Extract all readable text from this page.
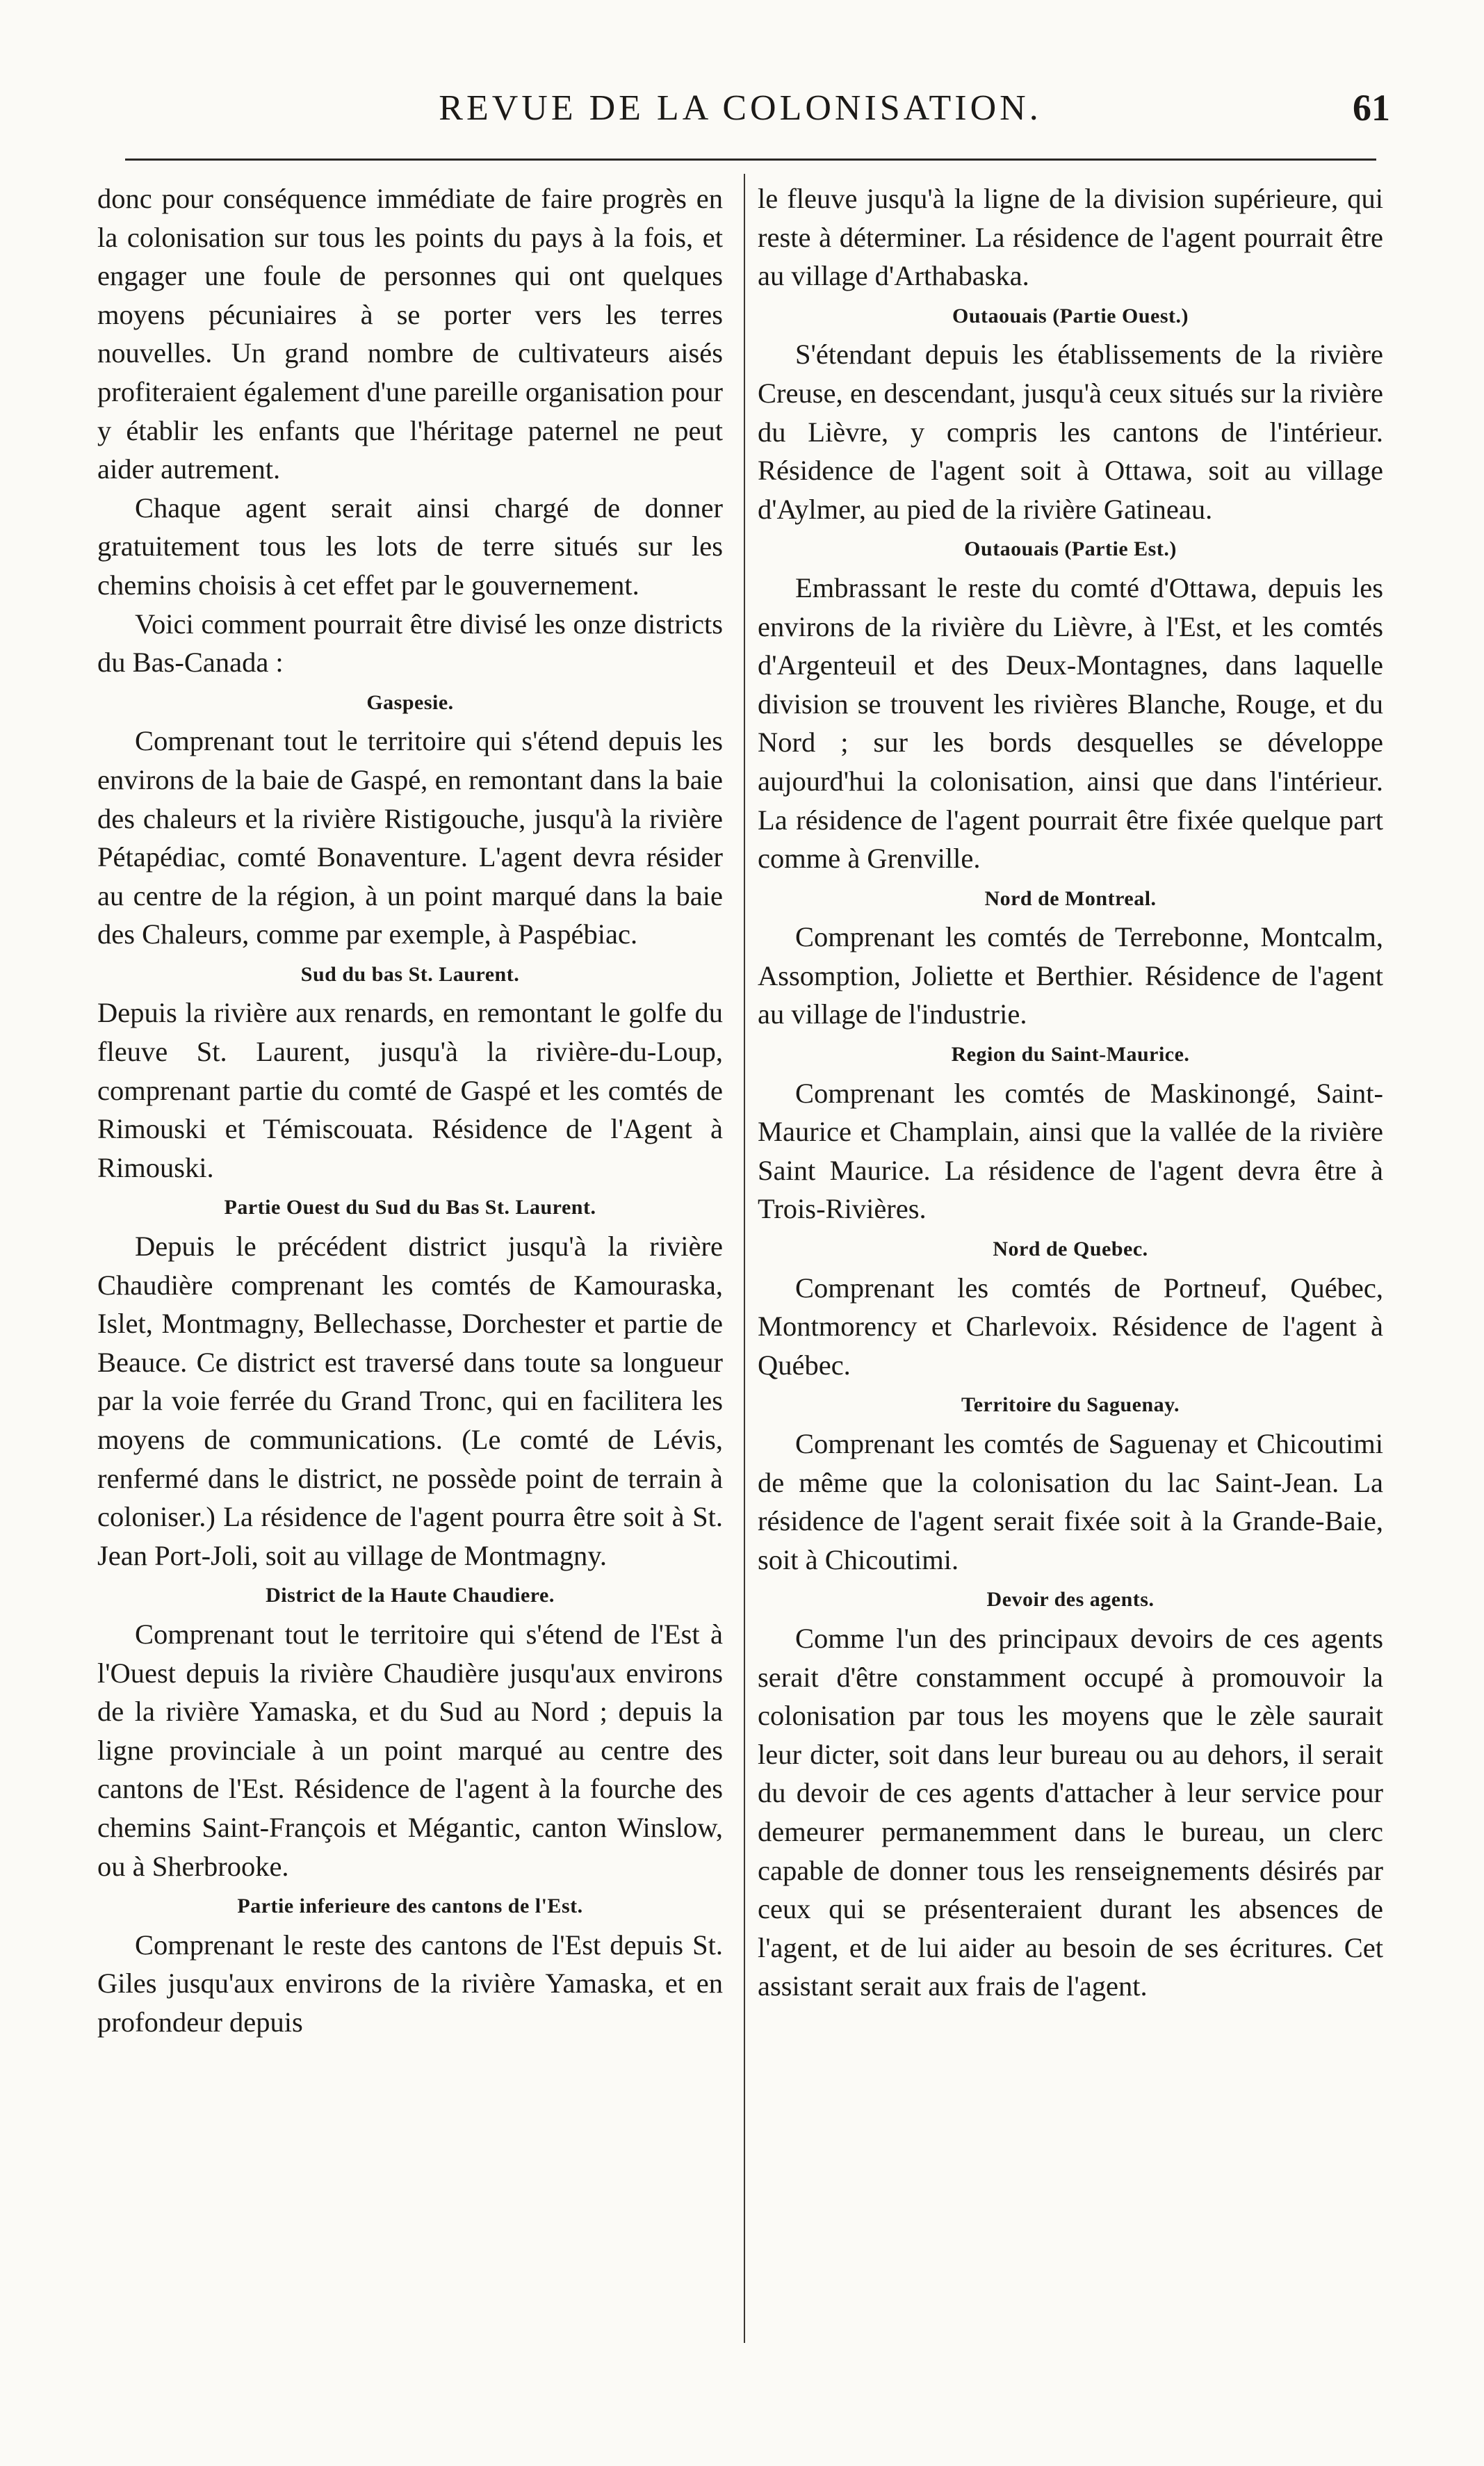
REVUE DE LA COLONISATION.	61

donc pour conséquence immédiate de faire progrès en la colonisation sur tous les points du pays à la fois, et engager une foule de personnes qui ont quelques moyens pécuniaires à se porter vers les terres nouvelles. Un grand nombre de cultivateurs aisés profiteraient également d'une pareille organisation pour y établir les enfants que l'héritage paternel ne peut aider autrement.

Chaque agent serait ainsi chargé de donner gratuitement tous les lots de terre situés sur les chemins choisis à cet effet par le gouvernement.

Voici comment pourrait être divisé les onze districts du Bas-Canada :

Gaspesie.

Comprenant tout le territoire qui s'étend depuis les environs de la baie de Gaspé, en remontant dans la baie des chaleurs et la rivière Ristigouche, jusqu'à la rivière Pétapédiac, comté Bonaventure. L'agent devra résider au centre de la région, à un point marqué dans la baie des Chaleurs, comme par exemple, à Paspébiac.

Sud du bas St. Laurent.

Depuis la rivière aux renards, en remontant le golfe du fleuve St. Laurent, jusqu'à la rivière-du-Loup, comprenant partie du comté de Gaspé et les comtés de Rimouski et Témiscouata. Résidence de l'Agent à Rimouski.

Partie Ouest du Sud du Bas St. Laurent.

Depuis le précédent district jusqu'à la rivière Chaudière comprenant les comtés de Kamouraska, Islet, Montmagny, Bellechasse, Dorchester et partie de Beauce. Ce district est traversé dans toute sa longueur par la voie ferrée du Grand Tronc, qui en facilitera les moyens de communications. (Le comté de Lévis, renfermé dans le district, ne possède point de terrain à coloniser.) La résidence de l'agent pourra être soit à St. Jean Port-Joli, soit au village de Montmagny.

District de la Haute Chaudiere.

Comprenant tout le territoire qui s'étend de l'Est à l'Ouest depuis la rivière Chaudière jusqu'aux environs de la rivière Yamaska, et du Sud au Nord ; depuis la ligne provinciale à un point marqué au centre des cantons de l'Est. Résidence de l'agent à la fourche des chemins Saint-François et Mégantic, canton Winslow, ou à Sherbrooke.

Partie inferieure des cantons de l'Est.

Comprenant le reste des cantons de l'Est depuis St. Giles jusqu'aux environs de la rivière Yamaska, et en profondeur depuis

le fleuve jusqu'à la ligne de la division supérieure, qui reste à déterminer. La résidence de l'agent pourrait être au village d'Arthabaska.

Outaouais (Partie Ouest.)

S'étendant depuis les établissements de la rivière Creuse, en descendant, jusqu'à ceux situés sur la rivière du Lièvre, y compris les cantons de l'intérieur. Résidence de l'agent soit à Ottawa, soit au village d'Aylmer, au pied de la rivière Gatineau.

Outaouais (Partie Est.)

Embrassant le reste du comté d'Ottawa, depuis les environs de la rivière du Lièvre, à l'Est, et les comtés d'Argenteuil et des Deux-Montagnes, dans laquelle division se trouvent les rivières Blanche, Rouge, et du Nord ; sur les bords desquelles se développe aujourd'hui la colonisation, ainsi que dans l'intérieur. La résidence de l'agent pourrait être fixée quelque part comme à Grenville.

Nord de Montreal.

Comprenant les comtés de Terrebonne, Montcalm, Assomption, Joliette et Berthier. Résidence de l'agent au village de l'industrie.

Region du Saint-Maurice.

Comprenant les comtés de Maskinongé, Saint-Maurice et Champlain, ainsi que la vallée de la rivière Saint Maurice. La résidence de l'agent devra être à Trois-Rivières.

Nord de Quebec.

Comprenant les comtés de Portneuf, Québec, Montmorency et Charlevoix. Résidence de l'agent à Québec.

Territoire du Saguenay.

Comprenant les comtés de Saguenay et Chicoutimi de même que la colonisation du lac Saint-Jean. La résidence de l'agent serait fixée soit à la Grande-Baie, soit à Chicoutimi.

Devoir des agents.

Comme l'un des principaux devoirs de ces agents serait d'être constamment occupé à promouvoir la colonisation par tous les moyens que le zèle saurait leur dicter, soit dans leur bureau ou au dehors, il serait du devoir de ces agents d'attacher à leur service pour demeurer permanemment dans le bureau, un clerc capable de donner tous les renseignements désirés par ceux qui se présenteraient durant les absences de l'agent, et de lui aider au besoin de ses écritures. Cet assistant serait aux frais de l'agent.
